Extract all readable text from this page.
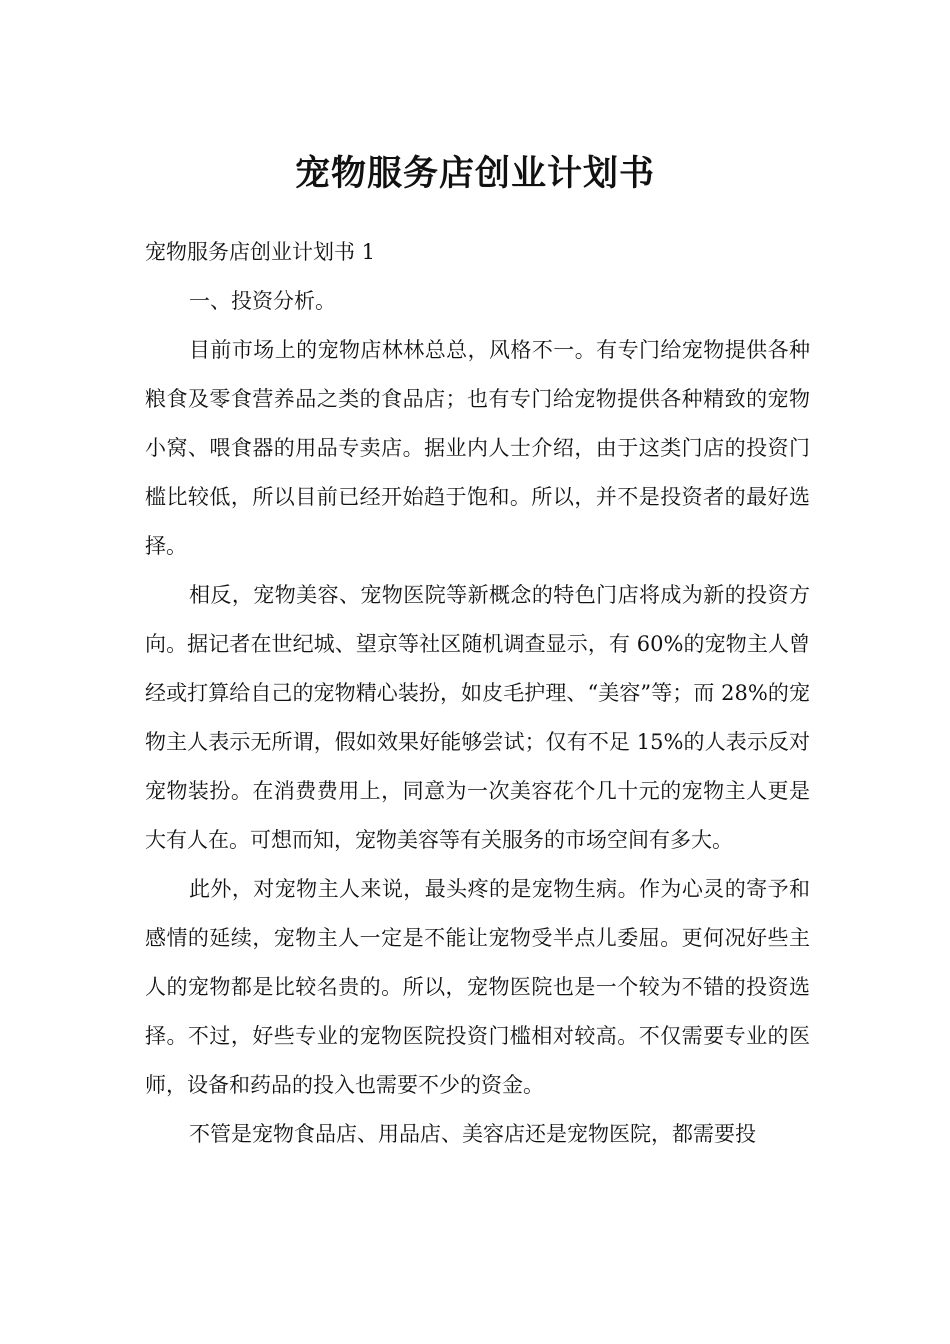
宠物服务店创业计划书

宠物服务店创业计划书 1

一、投资分析。

目前市场上的宠物店林林总总，风格不一。有专门给宠物提供各种粮食及零食营养品之类的食品店；也有专门给宠物提供各种精致的宠物小窝、喂食器的用品专卖店。据业内人士介绍，由于这类门店的投资门槛比较低，所以目前已经开始趋于饱和。所以，并不是投资者的最好选择。

相反，宠物美容、宠物医院等新概念的特色门店将成为新的投资方向。据记者在世纪城、望京等社区随机调查显示，有 60%的宠物主人曾经或打算给自己的宠物精心装扮，如皮毛护理、“美容”等；而 28%的宠物主人表示无所谓，假如效果好能够尝试；仅有不足 15%的人表示反对宠物装扮。在消费费用上，同意为一次美容花个几十元的宠物主人更是大有人在。可想而知，宠物美容等有关服务的市场空间有多大。

此外，对宠物主人来说，最头疼的是宠物生病。作为心灵的寄予和感情的延续，宠物主人一定是不能让宠物受半点儿委屈。更何况好些主人的宠物都是比较名贵的。所以，宠物医院也是一个较为不错的投资选择。不过，好些专业的宠物医院投资门槛相对较高。不仅需要专业的医师，设备和药品的投入也需要不少的资金。

不管是宠物食品店、用品店、美容店还是宠物医院，都需要投
